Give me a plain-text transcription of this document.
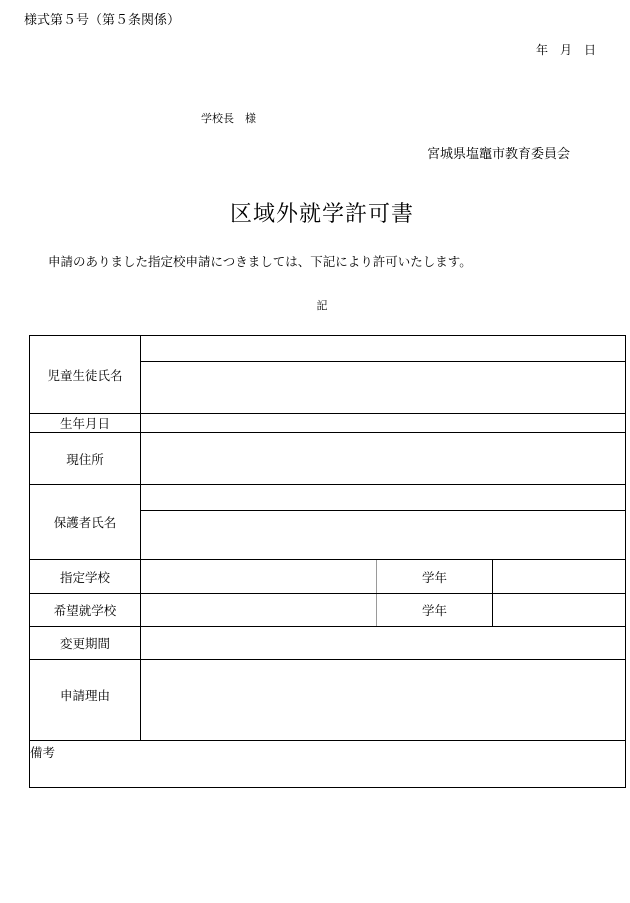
様式第５号（第５条関係）
年　月　日
学校長　様
宮城県塩竈市教育委員会
区域外就学許可書
申請のありました指定校申請につきましては、下記により許可いたします。
記
児童生徒氏名			

生年月日			
現住所			
保護者氏名			

指定学校		学年	
希望就学校		学年	
変更期間			
申請理由			
備考			
